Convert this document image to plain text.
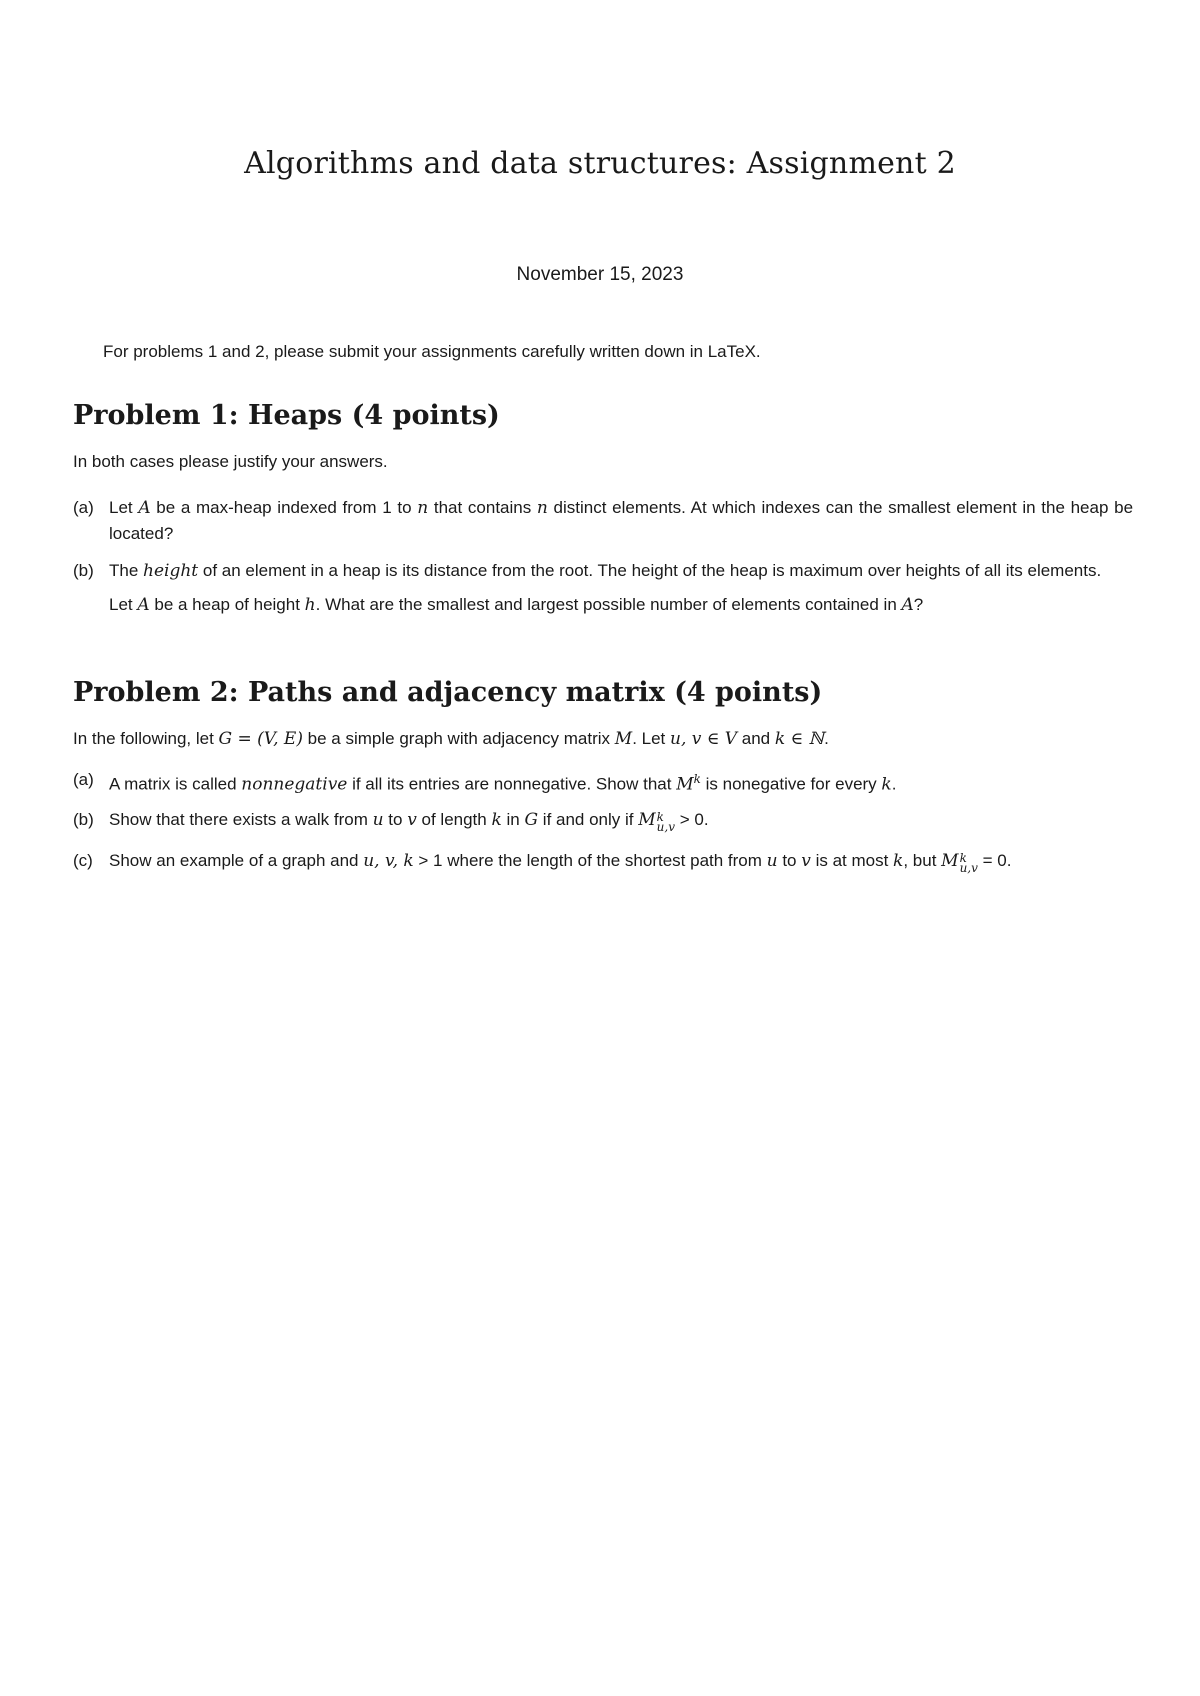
Algorithms and data structures: Assignment 2
November 15, 2023
For problems 1 and 2, please submit your assignments carefully written down in LaTeX.
Problem 1: Heaps (4 points)

In both cases please justify your answers.

(a) Let A be a max-heap indexed from 1 to n that contains n distinct elements. At which indexes can the smallest element in the heap be located?
(b) The height of an element in a heap is its distance from the root. The height of the heap is maximum over heights of all its elements.

Let A be a heap of height h. What are the smallest and largest possible number of elements contained in A?

Problem 2: Paths and adjacency matrix (4 points)

In the following, let G = (V, E) be a simple graph with adjacency matrix M. Let u, v ∈ V and k ∈ ℕ.

(a) A matrix is called nonnegative if all its entries are nonnegative. Show that $M^k$ is nonegative for every k.
(b) Show that there exists a walk from u to v of length k in G if and only if M k
u,v > 0.
(c) Show an example of a graph and u, v, k > 1 where the length of the shortest path from u to v is at most k, but M k
u,v = 0.
